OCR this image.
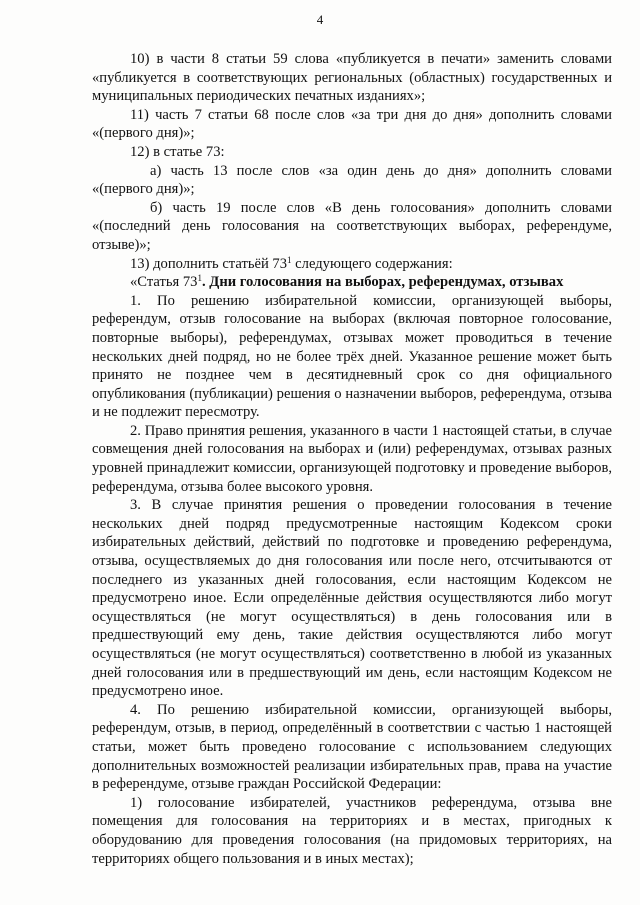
4

10) в части 8 статьи 59 слова «публикуется в печати» заменить словами «публикуется в соответствующих региональных (областных) государственных и муниципальных периодических печатных изданиях»;

11) часть 7 статьи 68 после слов «за три дня до дня» дополнить словами «(первого дня)»;

12) в статье 73:

а) часть 13 после слов «за один день до дня» дополнить словами «(первого дня)»;

б) часть 19 после слов «В день голосования» дополнить словами «(последний день голосования на соответствующих выборах, референдуме, отзыве)»;

13) дополнить статьёй $73^1$ следующего содержания:

«Статья $73^1$. Дни голосования на выборах, референдумах, отзывах

1. По решению избирательной комиссии, организующей выборы, референдум, отзыв голосование на выборах (включая повторное голосование, повторные выборы), референдумах, отзывах может проводиться в течение нескольких дней подряд, но не более трёх дней. Указанное решение может быть принято не позднее чем в десятидневный срок со дня официального опубликования (публикации) решения о назначении выборов, референдума, отзыва и не подлежит пересмотру.

2. Право принятия решения, указанного в части 1 настоящей статьи, в случае совмещения дней голосования на выборах и (или) референдумах, отзывах разных уровней принадлежит комиссии, организующей подготовку и проведение выборов, референдума, отзыва более высокого уровня.

3. В случае принятия решения о проведении голосования в течение нескольких дней подряд предусмотренные настоящим Кодексом сроки избирательных действий, действий по подготовке и проведению референдума, отзыва, осуществляемых до дня голосования или после него, отсчитываются от последнего из указанных дней голосования, если настоящим Кодексом не предусмотрено иное. Если определённые действия осуществляются либо могут осуществляться (не могут осуществляться) в день голосования или в предшествующий ему день, такие действия осуществляются либо могут осуществляться (не могут осуществляться) соответственно в любой из указанных дней голосования или в предшествующий им день, если настоящим Кодексом не предусмотрено иное.

4. По решению избирательной комиссии, организующей выборы, референдум, отзыв, в период, определённый в соответствии с частью 1 настоящей статьи, может быть проведено голосование с использованием следующих дополнительных возможностей реализации избирательных прав, права на участие в референдуме, отзыве граждан Российской Федерации:

1) голосование избирателей, участников референдума, отзыва вне помещения для голосования на территориях и в местах, пригодных к оборудованию для проведения голосования (на придомовых территориях, на территориях общего пользования и в иных местах);
